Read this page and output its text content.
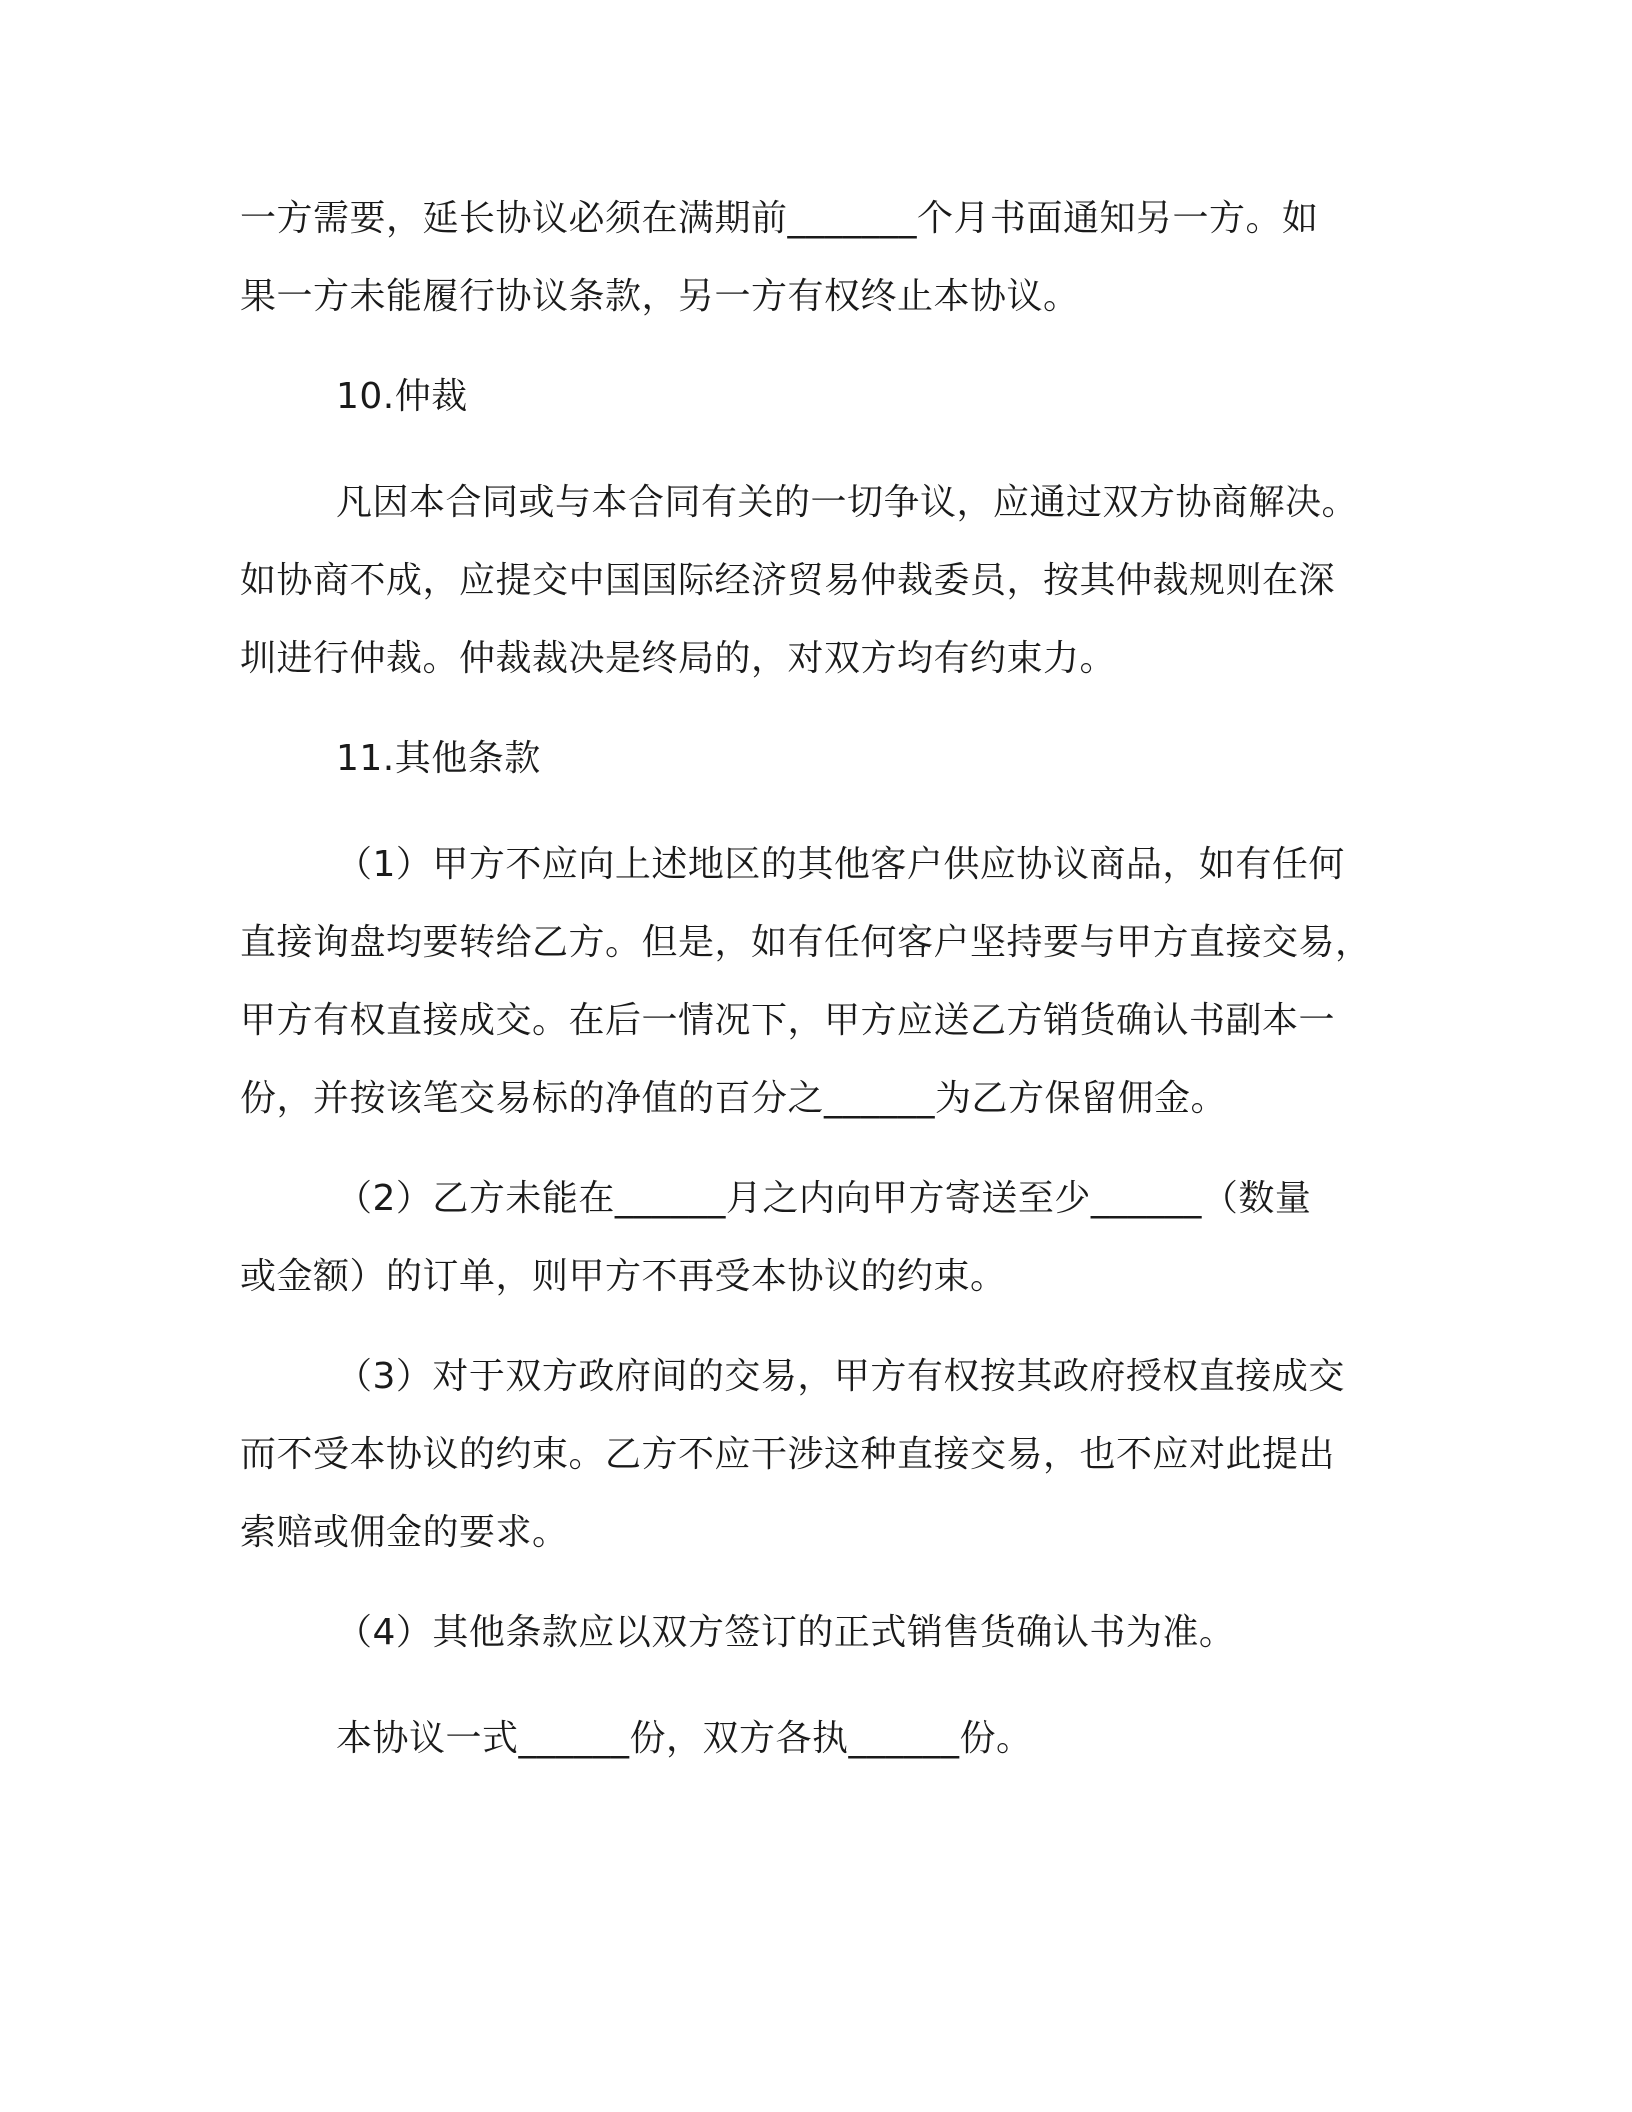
一方需要，延长协议必须在满期前_______个月书面通知另一方。如
果一方未能履行协议条款，另一方有权终止本协议。

10.仲裁

凡因本合同或与本合同有关的一切争议，应通过双方协商解决。
如协商不成，应提交中国国际经济贸易仲裁委员，按其仲裁规则在深
圳进行仲裁。仲裁裁决是终局的，对双方均有约束力。

11.其他条款

（1）甲方不应向上述地区的其他客户供应协议商品，如有任何
直接询盘均要转给乙方。但是，如有任何客户坚持要与甲方直接交易，
甲方有权直接成交。在后一情况下，甲方应送乙方销货确认书副本一
份，并按该笔交易标的净值的百分之______为乙方保留佣金。
（2）乙方未能在______月之内向甲方寄送至少______（数量
或金额）的订单，则甲方不再受本协议的约束。
（3）对于双方政府间的交易，甲方有权按其政府授权直接成交
而不受本协议的约束。乙方不应干涉这种直接交易，也不应对此提出
索赔或佣金的要求。
（4）其他条款应以双方签订的正式销售货确认书为准。
本协议一式______份，双方各执______份。
